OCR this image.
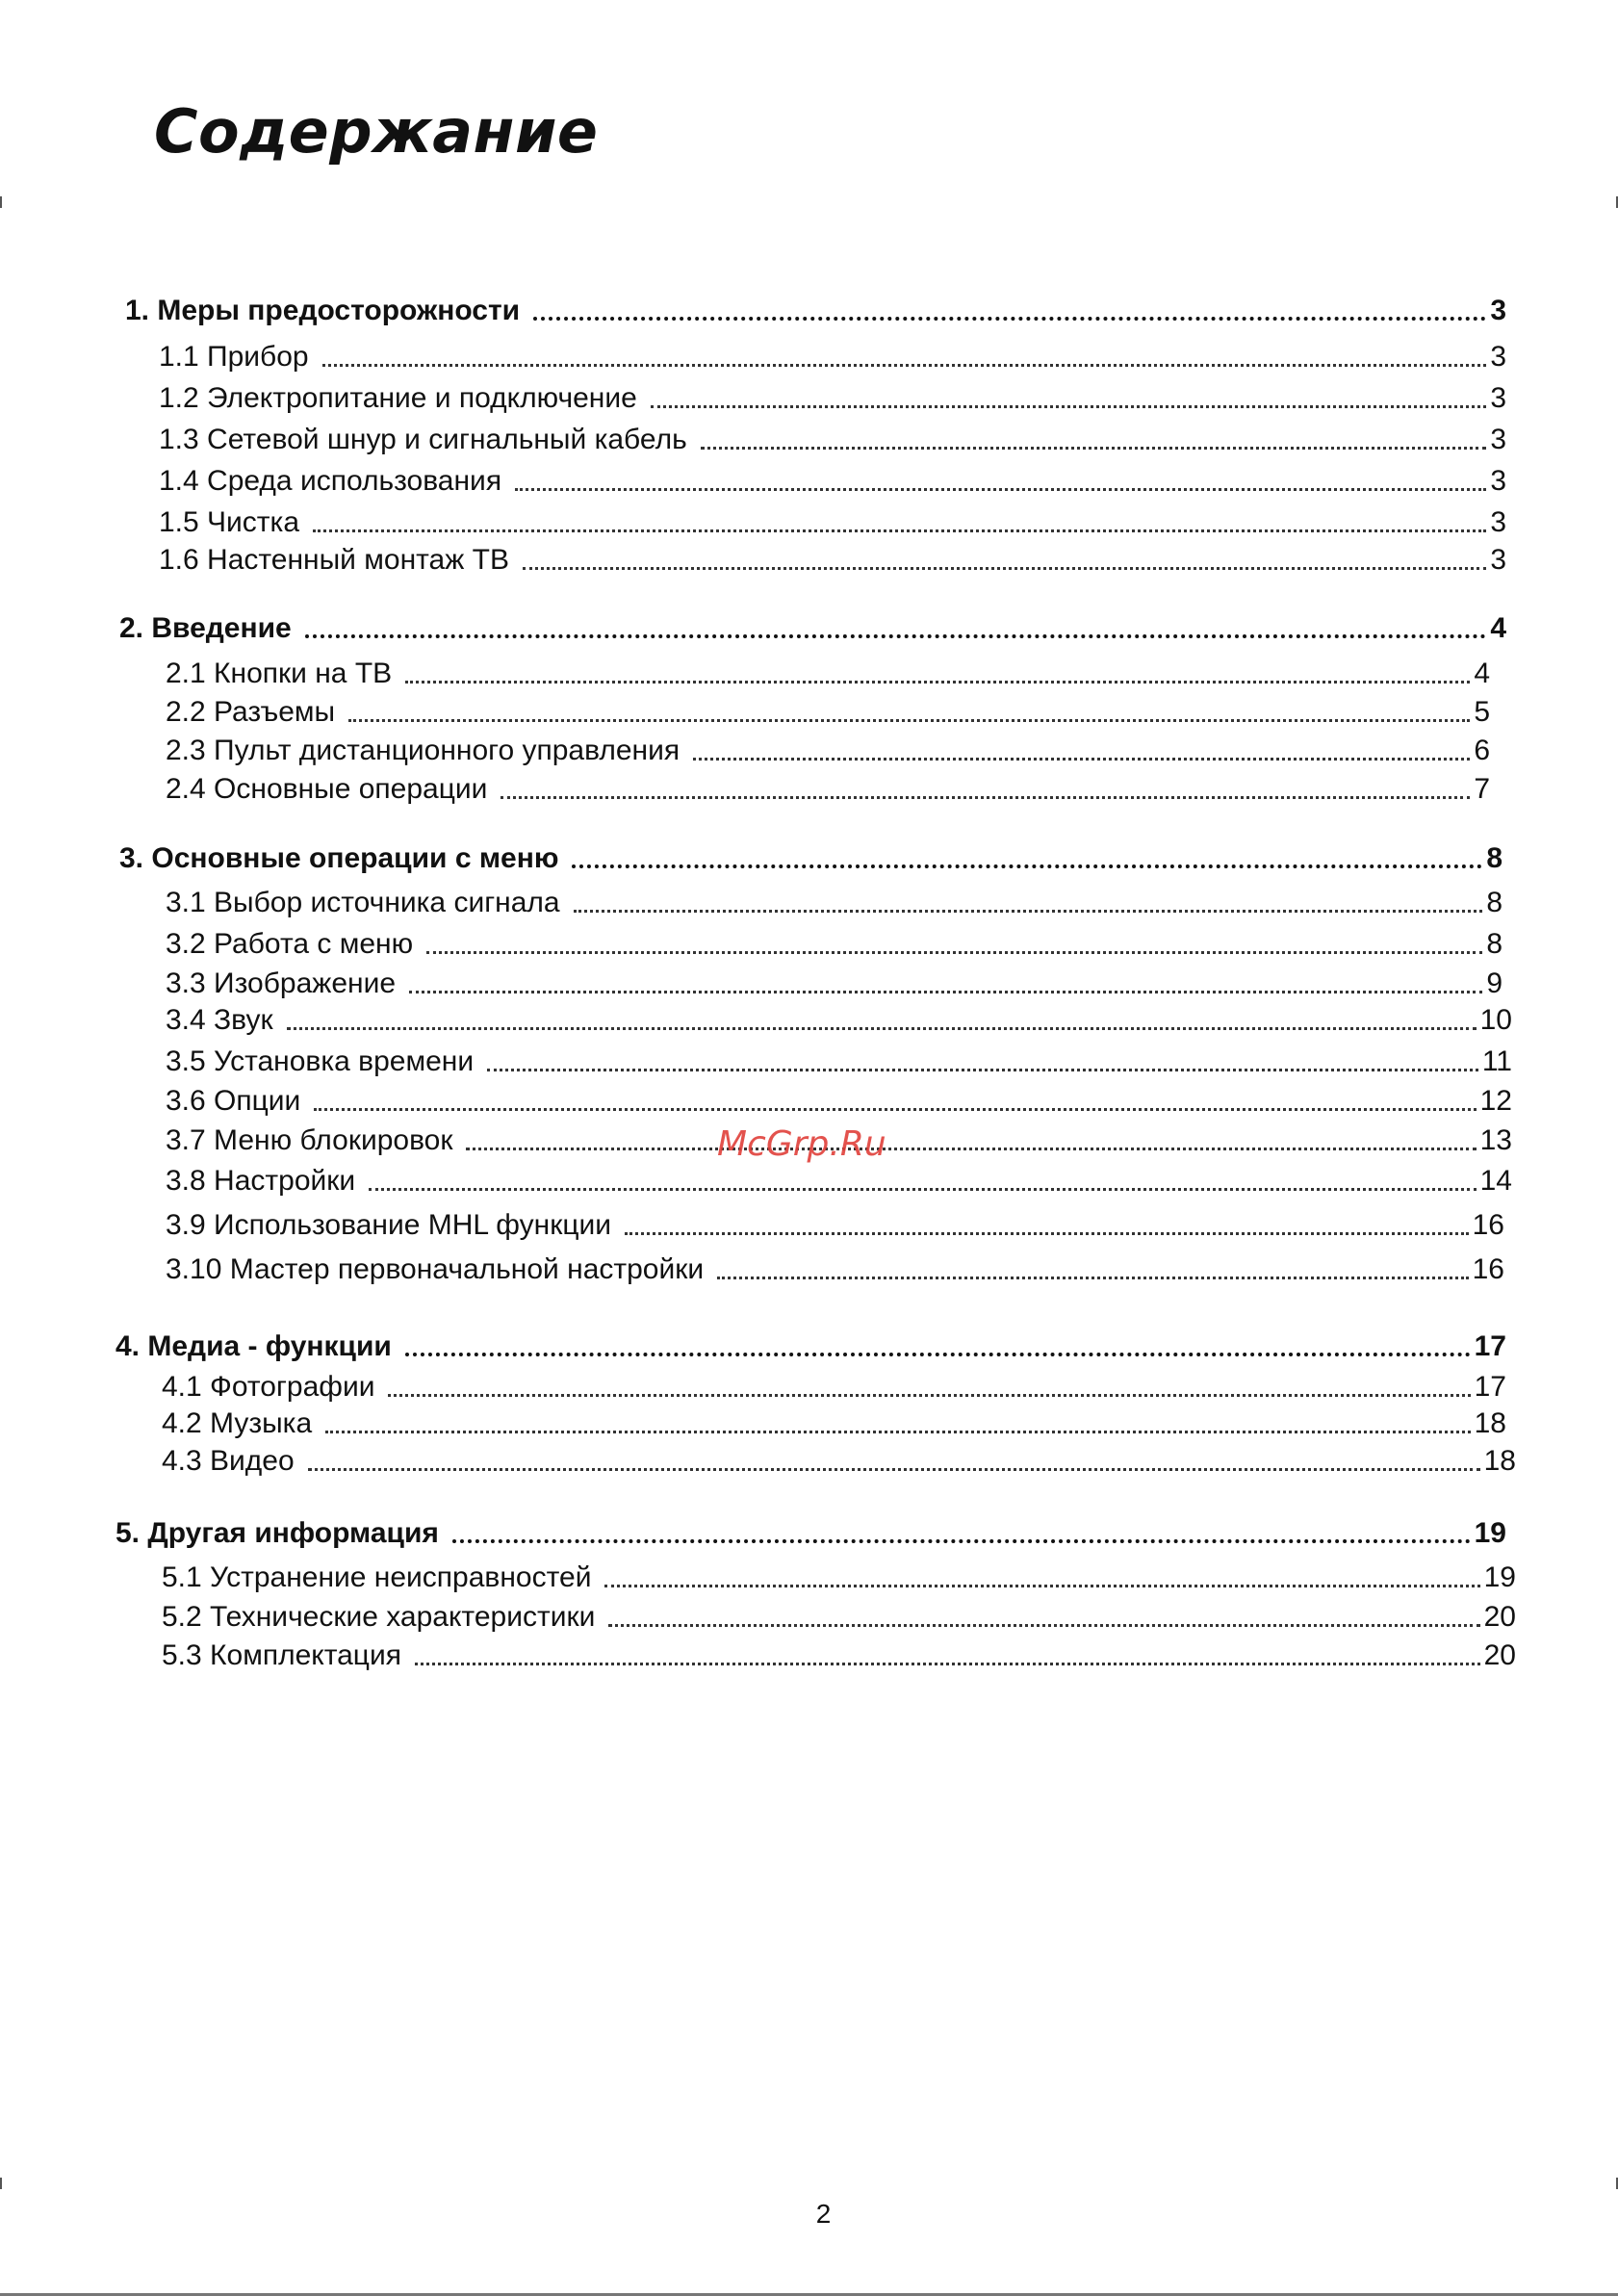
Содержание
1. Меры предосторожности	3
1.1 Прибор	3
1.2 Электропитание и подключение	3
1.3 Сетевой шнур и сигнальный кабель	3
1.4 Среда использования	3
1.5 Чистка	3
1.6 Настенный монтаж ТВ	3
2. Введение	4
2.1 Кнопки на ТВ	4
2.2 Разъемы	5
2.3 Пульт дистанционного управления	6
2.4 Основные операции	7
3. Основные операции с меню	8
3.1 Выбор источника сигнала	8
3.2 Работа с меню	8
3.3 Изображение	9
3.4 Звук	10
3.5 Установка времени	11
3.6 Опции	12
3.7 Меню блокировок	13
3.8 Настройки	14
3.9 Использование MHL функции	16
3.10 Мастер первоначальной настройки	16
4. Медиа - функции	17
4.1 Фотографии	17
4.2 Музыка	18
4.3 Видео	18
5. Другая информация	19
5.1 Устранение неисправностей	19
5.2 Технические характеристики	20
5.3 Комплектация	20
McGrp.Ru
2
